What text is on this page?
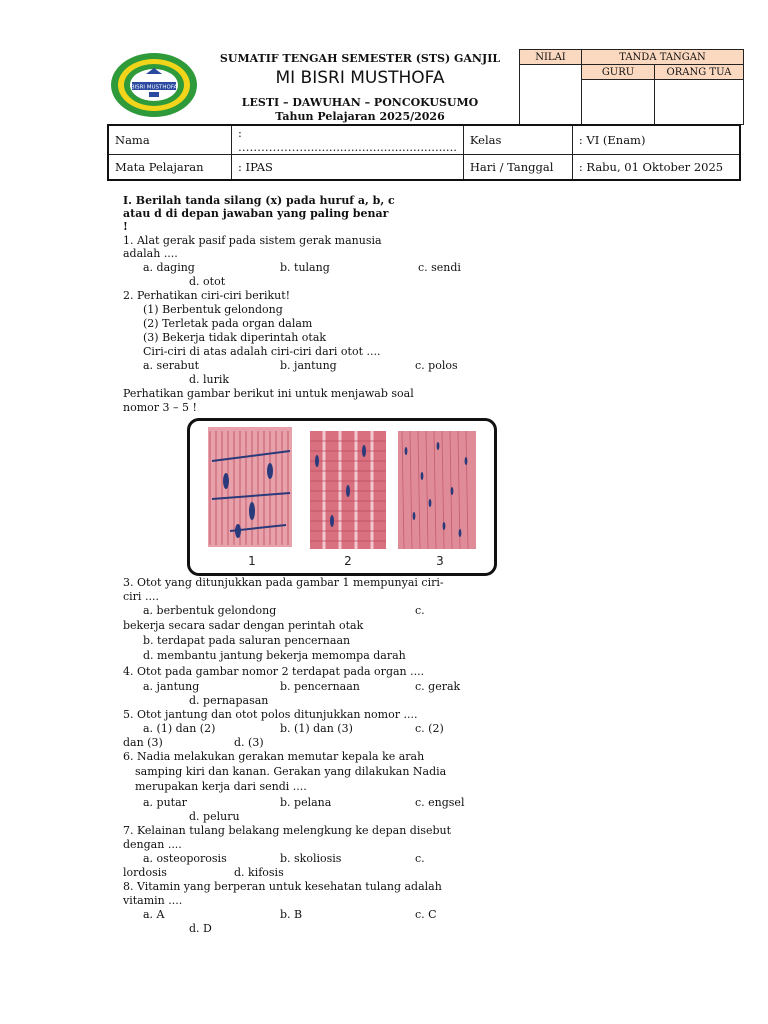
BISRI MUSTHOFA
SUMATIF TENGAH SEMESTER (STS) GANJIL
MI BISRI MUSTHOFA
LESTI – DAWUHAN – PONCOKUSUMO
Tahun Pelajaran 2025/2026
NILAI	TANDA TANGAN	
	GURU	ORANG TUA

Nama	: ……………….........................................	Kelas	: VI (Enam)
Mata Pelajaran	: IPAS	Hari / Tanggal	: Rabu, 01 Oktober 2025
I. Berilah tanda silang (x) pada huruf a, b, c
atau d di depan jawaban yang paling benar
!
1. Alat gerak pasif pada sistem gerak manusia
adalah ....
a. daging	b. tulang	c. sendi
d. otot
2. Perhatikan ciri-ciri berikut!
(1) Berbentuk gelondong
(2) Terletak pada organ dalam
(3) Bekerja tidak diperintah otak
Ciri-ciri di atas adalah ciri-ciri dari otot ....
a. serabut	b. jantung	c. polos
d. lurik
Perhatikan gambar berikut ini untuk menjawab soal
nomor 3 – 5 !
1	2	3
3. Otot yang ditunjukkan pada gambar 1 mempunyai ciri-
ciri ....
a. berbentuk gelondong	c.
bekerja secara sadar dengan perintah otak
b. terdapat pada saluran pencernaan
d. membantu jantung bekerja memompa darah
4. Otot pada gambar nomor 2 terdapat pada organ ....
a. jantung	b. pencernaan	c. gerak
d. pernapasan
5. Otot jantung dan otot polos ditunjukkan nomor ....
a. (1) dan (2)	b. (1) dan (3)	c. (2)
dan (3)	d. (3)
6. Nadia melakukan gerakan memutar kepala ke arah
samping kiri dan kanan. Gerakan yang dilakukan Nadia
merupakan kerja dari sendi ....
a. putar	b. pelana	c. engsel
d. peluru
7. Kelainan tulang belakang melengkung ke depan disebut
dengan ....
a. osteoporosis	b. skoliosis	c.
lordosis	d. kifosis
8. Vitamin yang berperan untuk kesehatan tulang adalah
vitamin ....
a. A	b. B	c. C
d. D
